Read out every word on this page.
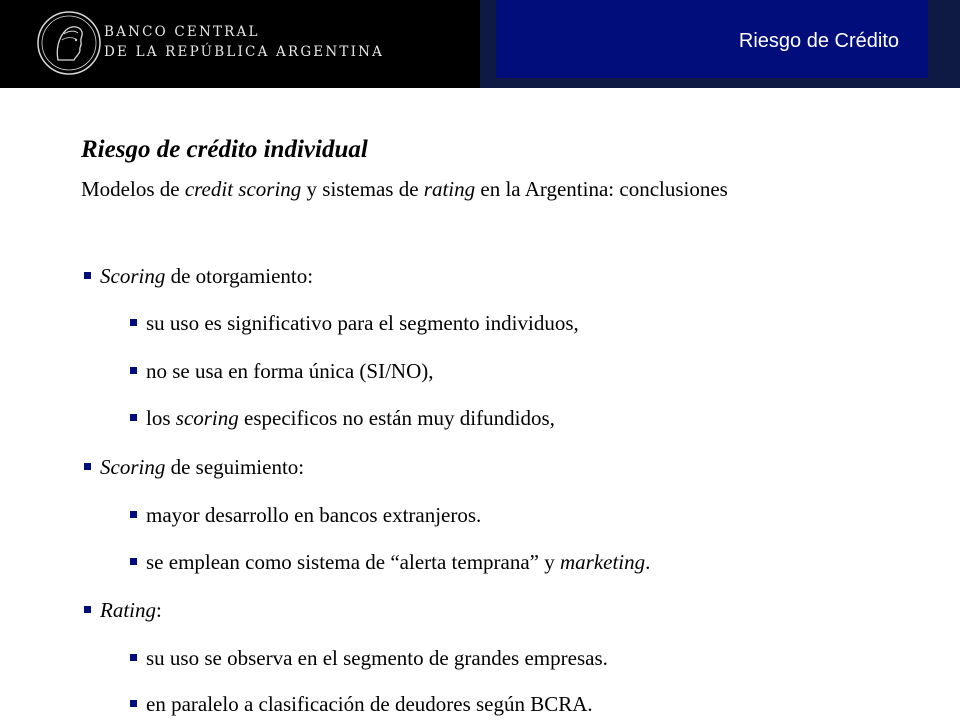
BANCO CENTRAL
DE LA REPÚBLICA ARGENTINA	Riesgo de Crédito
Riesgo de crédito individual
Modelos de credit scoring y sistemas de rating en la Argentina: conclusiones
Scoring de otorgamiento:
su uso es significativo para el segmento individuos,
no se usa en forma única (SI/NO),
los scoring especificos no están muy difundidos,
Scoring de seguimiento:
mayor desarrollo en bancos extranjeros.
se emplean como sistema de “alerta temprana” y marketing.
Rating:
su uso se observa en el segmento de grandes empresas.
en paralelo a clasificación de deudores según BCRA.
